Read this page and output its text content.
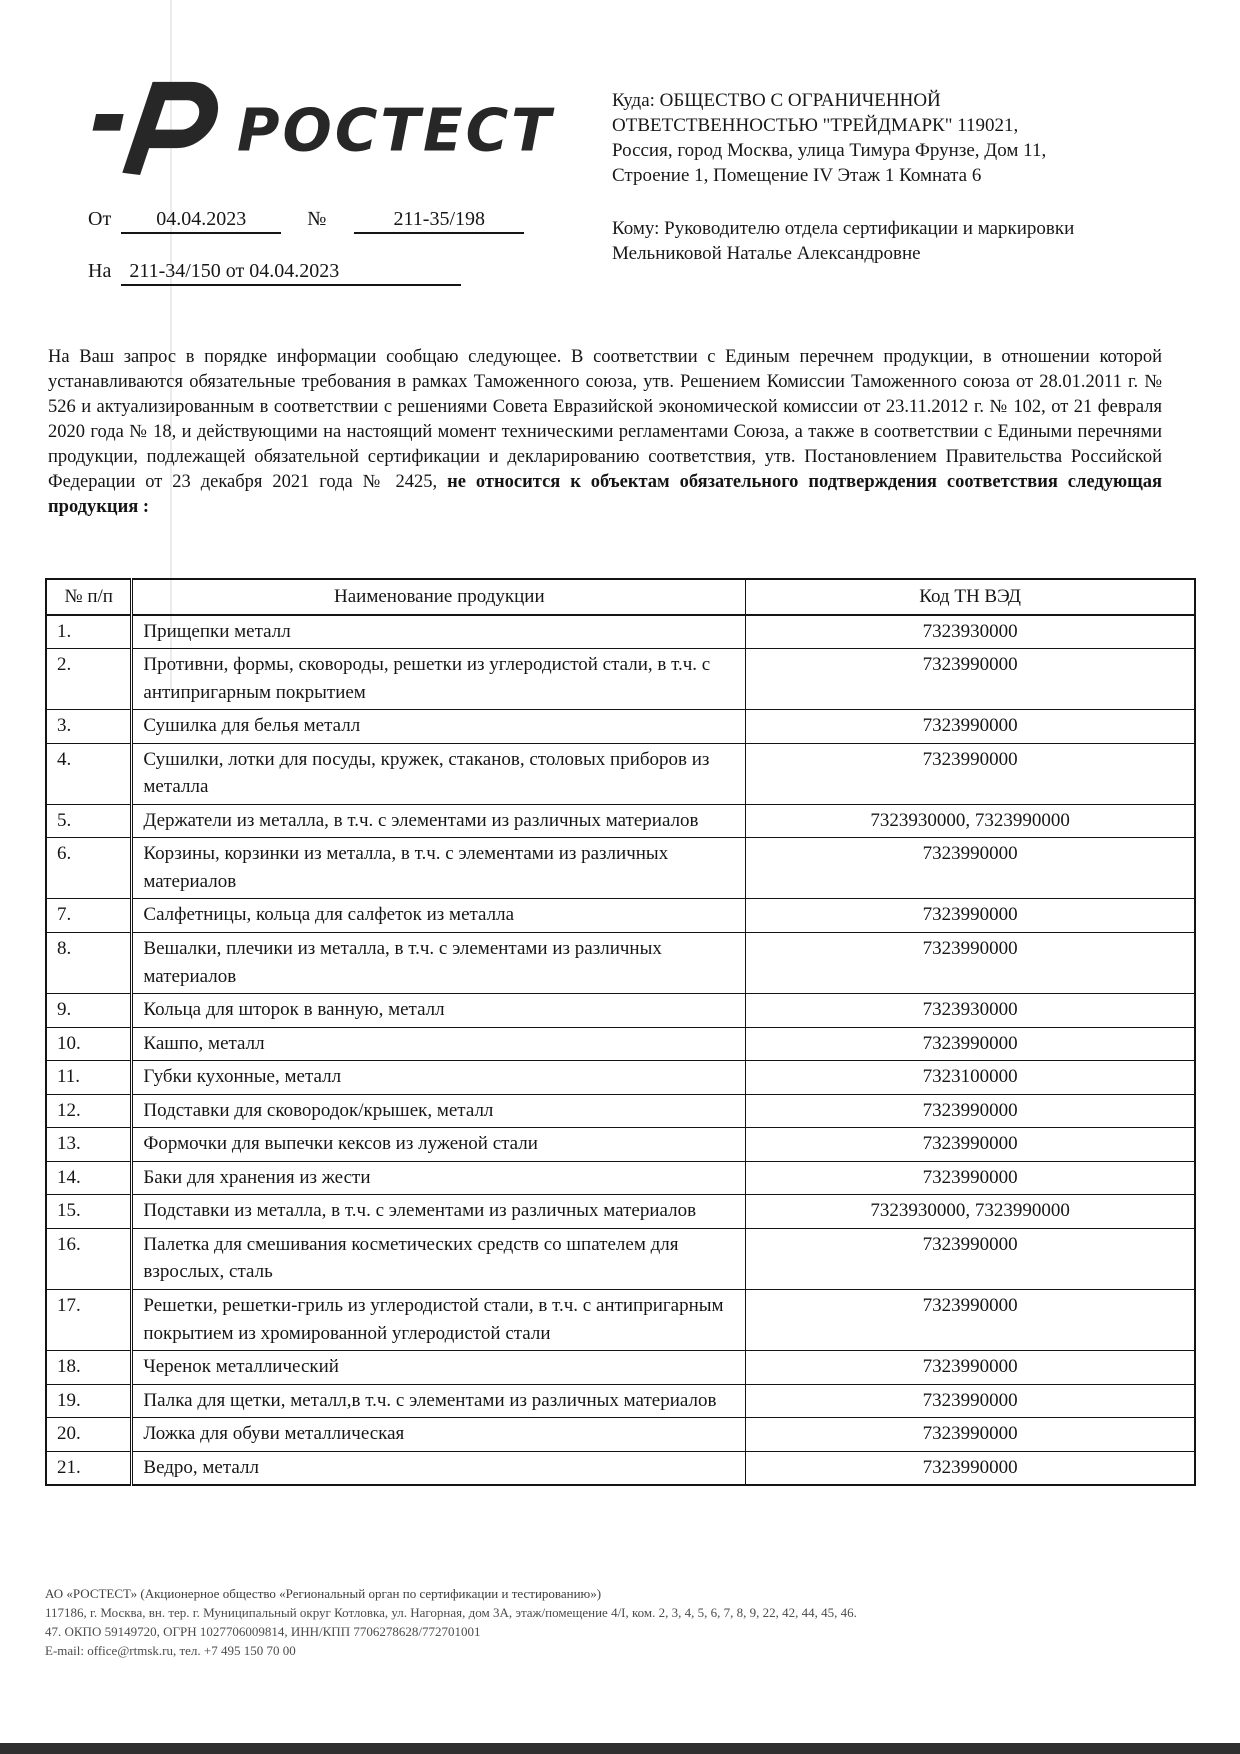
РОСТЕСТ	Куда: ОБЩЕСТВО С ОГРАНИЧЕННОЙ ОТВЕТСТВЕННОСТЬЮ "ТРЕЙДМАРК" 119021, Россия, город Москва, улица Тимура Фрунзе, Дом 11, Строение 1, Помещение IV Этаж 1 Комната 6
Кому: Руководителю отдела сертификации и маркировки
Мельниковой Наталье Александровне
От	04.04.2023	№	211-35/198
На 211-34/150 от 04.04.2023

На Ваш запрос в порядке информации сообщаю следующее. В соответствии с Единым перечнем продукции, в отношении которой устанавливаются обязательные требования в рамках Таможенного союза, утв. Решением Комиссии Таможенного союза от 28.01.2011 г. № 526 и актуализированным в соответствии с решениями Совета Евразийской экономической комиссии от 23.11.2012 г. № 102, от 21 февраля 2020 года № 18, и действующими на настоящий момент техническими регламентами Союза, а также в соответствии с Едиными перечнями продукции, подлежащей обязательной сертификации и декларированию соответствия, утв. Постановлением Правительства Российской Федерации от 23 декабря 2021 года № 2425, не относится к объектам обязательного подтверждения соответствия следующая продукция :

№ п/п	Наименование продукции	Код ТН ВЭД
1.	Прищепки металл	7323930000
2.	Противни, формы, сковороды, решетки из углеродистой стали, в т.ч. с антипригарным покрытием	7323990000
3.	Сушилка для белья металл	7323990000
4.	Сушилки, лотки для посуды, кружек, стаканов, столовых приборов из металла	7323990000
5.	Держатели из металла, в т.ч. с элементами из различных материалов	7323930000, 7323990000
6.	Корзины, корзинки из металла, в т.ч. с элементами из различных материалов	7323990000
7.	Салфетницы, кольца для салфеток из металла	7323990000
8.	Вешалки, плечики из металла, в т.ч. с элементами из различных материалов	7323990000
9.	Кольца для шторок в ванную, металл	7323930000
10.	Кашпо, металл	7323990000
11.	Губки кухонные, металл	7323100000
12.	Подставки для сковородок/крышек, металл	7323990000
13.	Формочки для выпечки кексов из луженой стали	7323990000
14.	Баки для хранения из жести	7323990000
15.	Подставки из металла, в т.ч. с элементами из различных материалов	7323930000, 7323990000
16.	Палетка для смешивания косметических средств со шпателем для взрослых, сталь	7323990000
17.	Решетки, решетки-гриль из углеродистой стали, в т.ч. с антипригарным покрытием из хромированной углеродистой стали	7323990000
18.	Черенок металлический	7323990000
19.	Палка для щетки, металл,в т.ч. с элементами из различных материалов	7323990000
20.	Ложка для обуви металлическая	7323990000
21.	Ведро, металл	7323990000
АО «РОСТЕСТ» (Акционерное общество «Региональный орган по сертификации и тестированию»)
117186, г. Москва, вн. тер. г. Муниципальный округ Котловка, ул. Нагорная, дом 3А, этаж/помещение 4/I, ком. 2, 3, 4, 5, 6, 7, 8, 9, 22, 42, 44, 45, 46.
47. ОКПО 59149720, ОГРН 1027706009814, ИНН/КПП 7706278628/772701001
E-mail: office@rtmsk.ru, тел. +7 495 150 70 00
